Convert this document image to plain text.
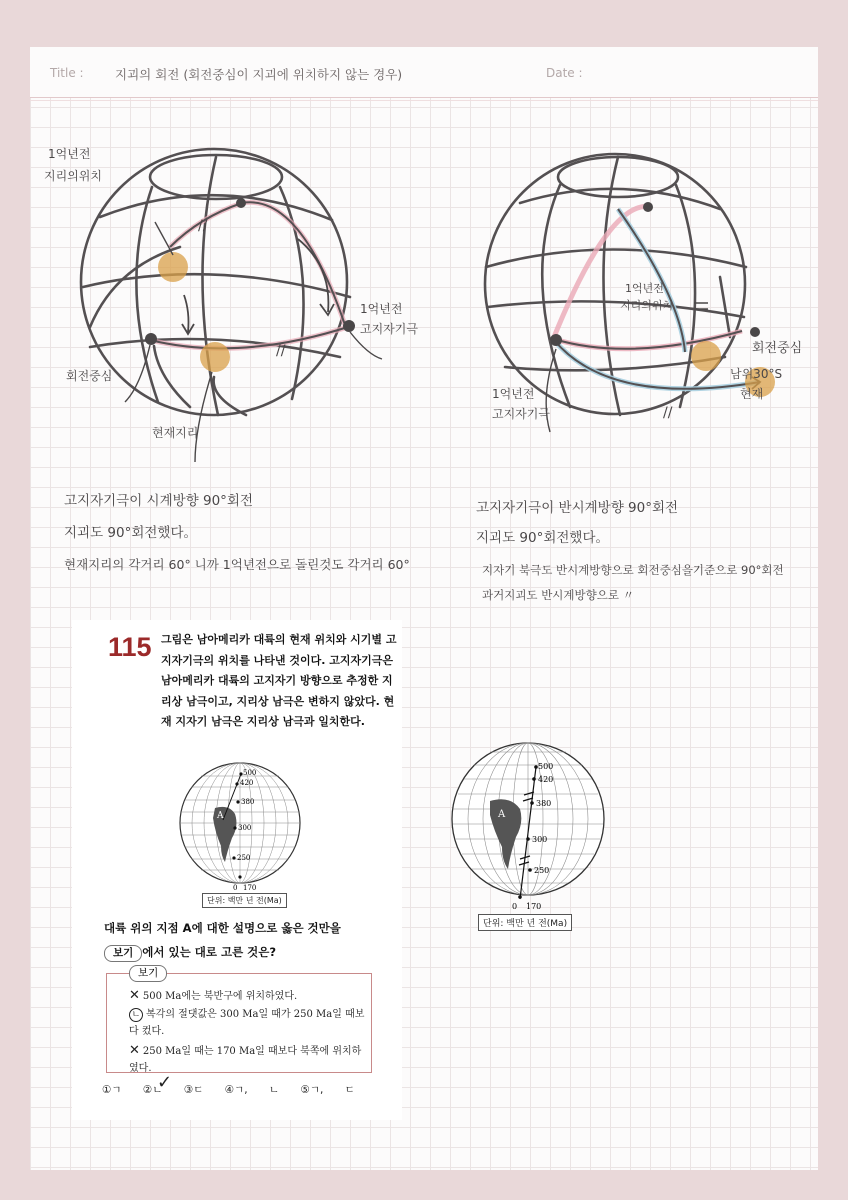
Title :	지괴의 회전 (회전중심이 지괴에 위치하지 않는 경우)	Date :
//
//
1억년전
지리의위치
1억년전
고지자기극
회전중심
현재지리
//
1억년전
지리의위치
회전중심
남위30°S
현재
1억년전
고지자기극
고지자기극이 시계방향 90°회전
지괴도 90°회전했다。
현재지리의 각거리 60° 니까 1억년전으로 돌린것도 각거리 60°
고지자기극이 반시계방향 90°회전
지괴도 90°회전했다。
지자기 북극도 반시계방향으로 회전중심을기준으로 90°회전
과거지괴도 반시계방향으로 〃
115 그림은 남아메리카 대륙의 현재 위치와 시기별 고지자기극의 위치를 나타낸 것이다. 고지자기극은 남아메리카 대륙의 고지자기 방향으로 추정한 지리상 남극이고, 지리상 남극은 변하지 않았다. 현재 지자기 남극은 지리상 남극과 일치한다.
A
500
420
380
300
250
0 170
단위: 백만 년 전(Ma)
대륙 위의 지점 A에 대한 설명으로 옳은 것만을
보기 에서 있는 대로 고른 것은?
보기
✕ 500 Ma에는 북반구에 위치하였다.
ㄴ 복각의 절댓값은 300 Ma일 때가 250 Ma일 때보다 컸다.
✕ 250 Ma일 때는 170 Ma일 때보다 북쪽에 위치하였다.
①ㄱ ②ㄴ ③ㄷ ④ㄱ, ㄴ ⑤ㄱ, ㄷ
✓
A
500
420
380
300
250
0 170
단위: 백만 년 전(Ma)
